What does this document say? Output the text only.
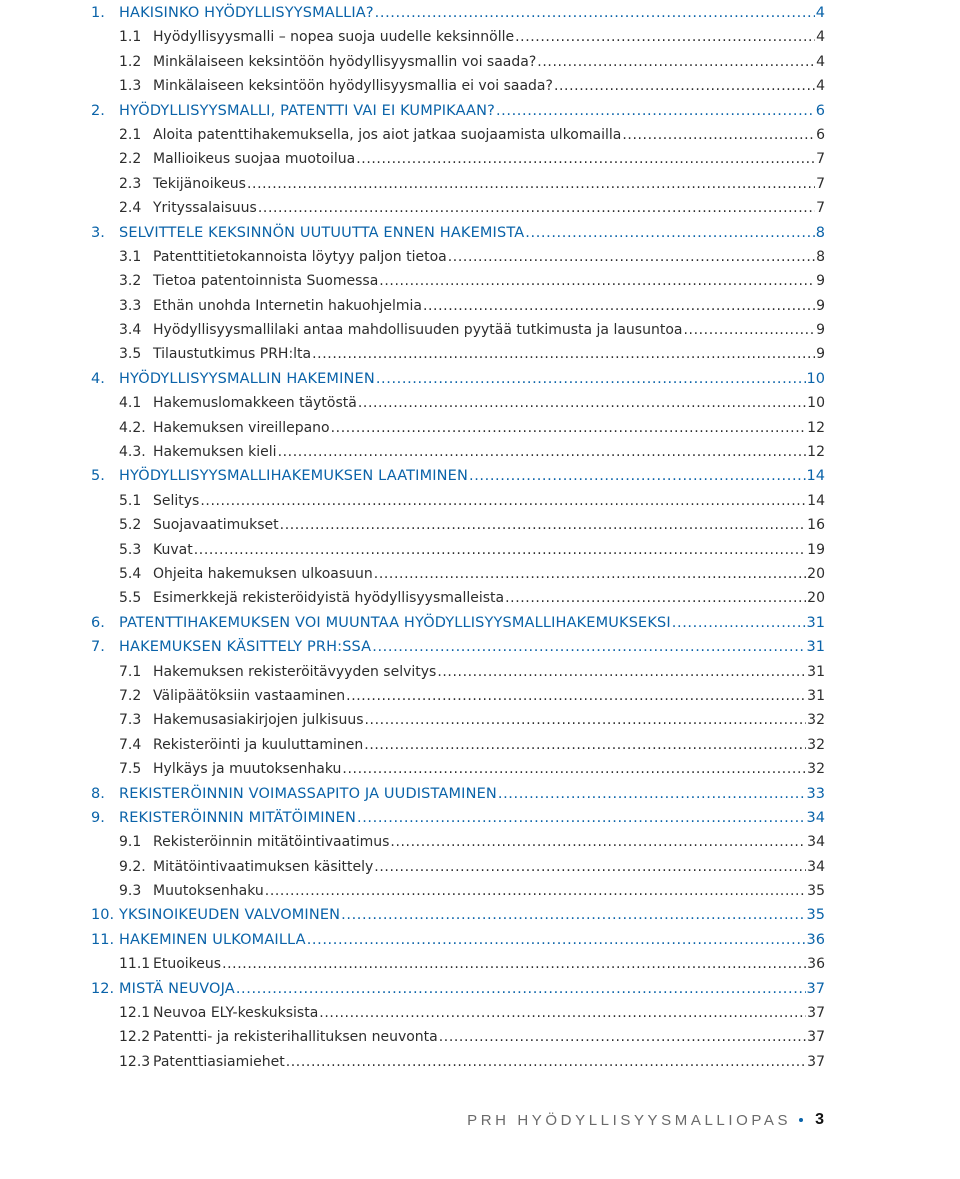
1. HAKISINKO HYÖDYLLISYYSMALLIA? .....	4
1.1 Hyödyllisyysmalli – nopea suoja uudelle keksinnölle .....	4
1.2 Minkälaiseen keksintöön hyödyllisyysmallin voi saada? .....	4
1.3 Minkälaiseen keksintöön hyödyllisyysmallia ei voi saada? .....	4
2. HYÖDYLLISYYSMALLI, PATENTTI VAI EI KUMPIKAAN? .....	6
2.1 Aloita patenttihakemuksella, jos aiot jatkaa suojaamista ulkomailla .....	6
2.2 Mallioikeus suojaa muotoilua .....	7
2.3 Tekijänoikeus .....	7
2.4 Yrityssalaisuus .....	7
3. SELVITTELE KEKSINNÖN UUTUUTTA ENNEN HAKEMISTA .....	8
3.1 Patenttitietokannoista löytyy paljon tietoa .....	8
3.2 Tietoa patentoinnista Suomessa .....	9
3.3 Ethän unohda Internetin hakuohjelmia .....	9
3.4 Hyödyllisyysmallilaki antaa mahdollisuuden pyytää tutkimusta ja lausuntoa .....	9
3.5 Tilaustutkimus PRH:lta .....	9
4. HYÖDYLLISYYSMALLIN HAKEMINEN .....	10
4.1 Hakemuslomakkeen täytöstä .....	10
4.2. Hakemuksen vireillepano .....	12
4.3. Hakemuksen kieli .....	12
5. HYÖDYLLISYYSMALLIHAKEMUKSEN LAATIMINEN .....	14
5.1 Selitys .....	14
5.2 Suojavaatimukset .....	16
5.3 Kuvat .....	19
5.4 Ohjeita hakemuksen ulkoasuun .....	20
5.5 Esimerkkejä rekisteröidyistä hyödyllisyysmalleista .....	20
6. PATENTTIHAKEMUKSEN VOI MUUNTAA HYÖDYLLISYYSMALLIHAKEMUKSEKSI .....	31
7. HAKEMUKSEN KÄSITTELY PRH:SSA .....	31
7.1 Hakemuksen rekisteröitävyyden selvitys .....	31
7.2 Välipäätöksiin vastaaminen .....	31
7.3 Hakemusasiakirjojen julkisuus .....	32
7.4 Rekisteröinti ja kuuluttaminen .....	32
7.5 Hylkäys ja muutoksenhaku .....	32
8. REKISTERÖINNIN VOIMASSAPITO JA UUDISTAMINEN .....	33
9. REKISTERÖINNIN MITÄTÖIMINEN .....	34
9.1 Rekisteröinnin mitätöintivaatimus .....	34
9.2. Mitätöintivaatimuksen käsittely .....	34
9.3 Muutoksenhaku .....	35
10. YKSINOIKEUDEN VALVOMINEN .....	35
11. HAKEMINEN ULKOMAILLA .....	36
11.1 Etuoikeus .....	36
12. MISTÄ NEUVOJA .....	37
12.1 Neuvoa ELY-keskuksista .....	37
12.2 Patentti- ja rekisterihallituksen neuvonta .....	37
12.3 Patenttiasiamiehet .....	37
PRH HYÖDYLLISYYSMALLIOPAS 3
